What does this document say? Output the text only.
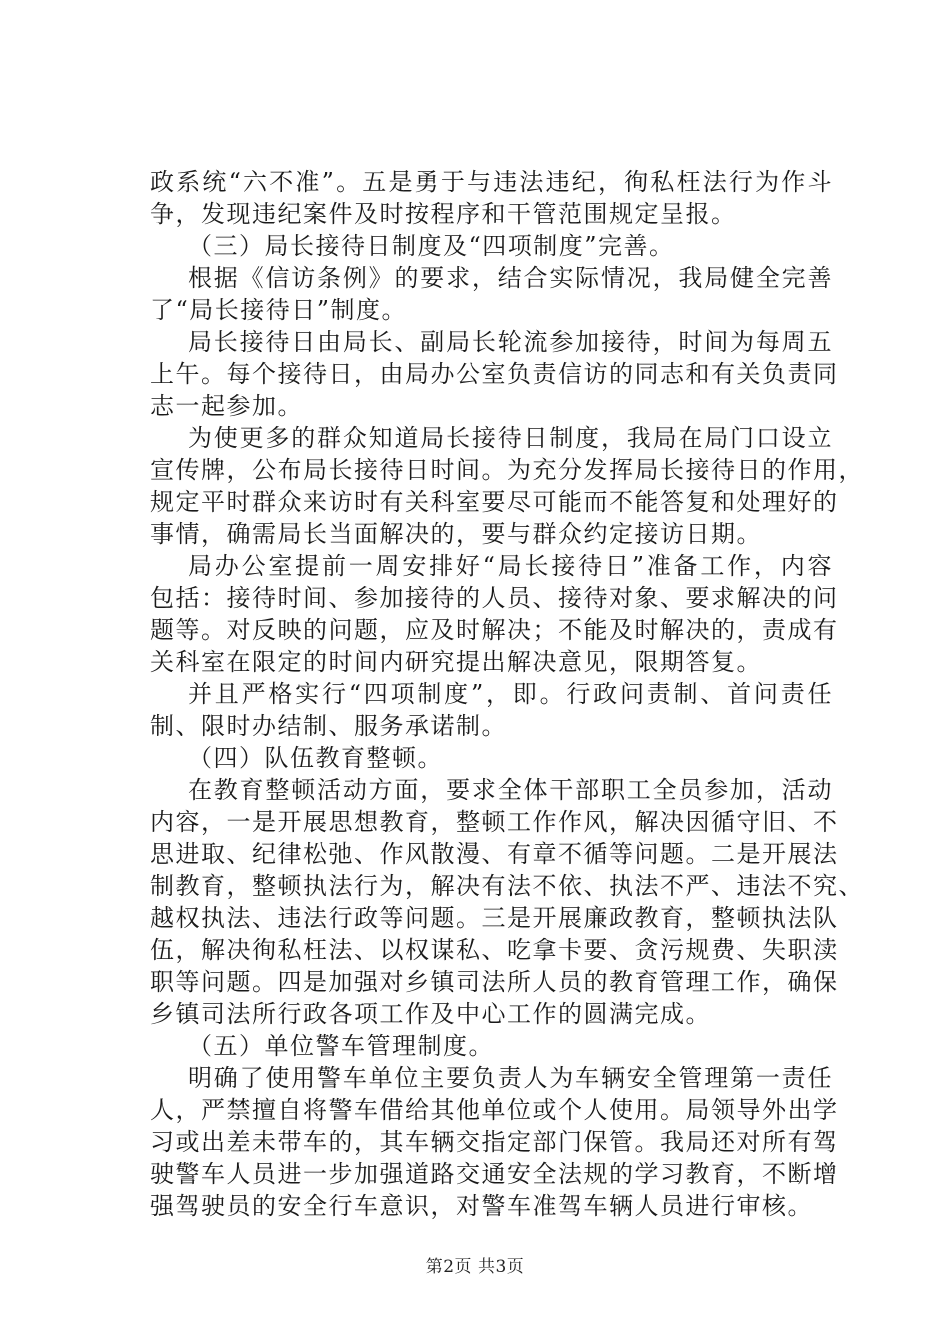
政系统“六不准”。五是勇于与违法违纪，徇私枉法行为作斗
争，发现违纪案件及时按程序和干管范围规定呈报。
（三）局长接待日制度及“四项制度”完善。
根据《信访条例》的要求，结合实际情况，我局健全完善
了“局长接待日”制度。
局长接待日由局长、副局长轮流参加接待，时间为每周五
上午。每个接待日，由局办公室负责信访的同志和有关负责同
志一起参加。
为使更多的群众知道局长接待日制度，我局在局门口设立
宣传牌，公布局长接待日时间。为充分发挥局长接待日的作用，
规定平时群众来访时有关科室要尽可能而不能答复和处理好的
事情，确需局长当面解决的，要与群众约定接访日期。
局办公室提前一周安排好“局长接待日”准备工作，内容
包括：接待时间、参加接待的人员、接待对象、要求解决的问
题等。对反映的问题，应及时解决；不能及时解决的，责成有
关科室在限定的时间内研究提出解决意见，限期答复。
并且严格实行“四项制度”，即。行政问责制、首问责任
制、限时办结制、服务承诺制。
（四）队伍教育整顿。
在教育整顿活动方面，要求全体干部职工全员参加，活动
内容，一是开展思想教育，整顿工作作风，解决因循守旧、不
思进取、纪律松弛、作风散漫、有章不循等问题。二是开展法
制教育，整顿执法行为，解决有法不依、执法不严、违法不究、
越权执法、违法行政等问题。三是开展廉政教育，整顿执法队
伍，解决徇私枉法、以权谋私、吃拿卡要、贪污规费、失职渎
职等问题。四是加强对乡镇司法所人员的教育管理工作，确保
乡镇司法所行政各项工作及中心工作的圆满完成。
（五）单位警车管理制度。
明确了使用警车单位主要负责人为车辆安全管理第一责任
人，严禁擅自将警车借给其他单位或个人使用。局领导外出学
习或出差未带车的，其车辆交指定部门保管。我局还对所有驾
驶警车人员进一步加强道路交通安全法规的学习教育，不断增
强驾驶员的安全行车意识，对警车准驾车辆人员进行审核。
第2页 共3页
